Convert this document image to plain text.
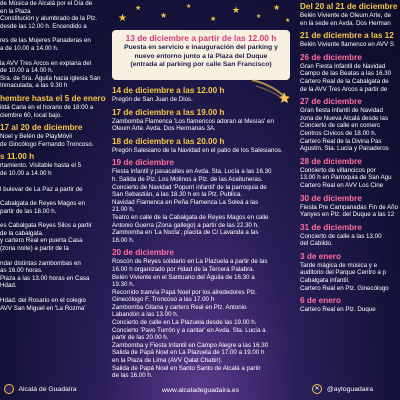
★
★
★
★
★
★
★
★
★
13 de diciembre a partir de las 12.00 h
Puesta en servicio e inauguración del parking y
nuevo entorno junto a la Plaza del Duque
(entrada al parking por calle San Francisco)
de Música de Alcalá por el Día de
en la Plaza
Constitución y alumbrado de la Plz.
desde las 12.00 h. Encendido a
res de las Mujeres Panaderas en
a de 10.00 a 14.00 h.
la AVV Tres Arcos en explana del
de 10.00 a 14.00 h.
Sra. de Sra. Águila hacia iglesia San
Inmaculada, a las 9.30 h
hembre hasta el 5 de enero
ildá Carla en el horario de 18:00 a
ciembre 60, local bajo.
17 al 20 de diciembre
Noel y Belén de PlayMóvil
de Gincólogo Fernando Troncoso.
s 11.00 h
rtamiento. Visitable hasta el 5
de 10.00 a 14.00 h
l bulevar de La Paz a partir de
Cabalgata de Reyes Magos en
partir de las 18.00 h.
es Cabalgata Reyes Silos a partir
de la cabalgata.
y cartero Real en puerta Casa
(zona noite) a partir de la
ndar distintas zambombas en
as 16.00 horas.
Plaza a las 13.00 horas en Casa Hdad.
Hdad. del Rosario en el colegio
AVV San Miguel en 'La Rozma'
14 de diciembre a las 12.00 h
Pregón de San Juan de Dios.
17 de diciembre a las 19.00 h
Zambomba Flamenca 'Los flamencos adoran al Mesías' en
Oleum Arte. Avda. Dos Hermanas 3A.
18 de diciembre a las 20.00 h
Pregón Salesiano de la Navidad en el patio de los Salesianos.
19 de diciembre
Fiesta infantil y pasacalles en Avda. Sta. Lucía a las 16.30
h. Salida de Plz. Los Molinos a Plz. de las Aceituneras.
Concierto de Navidad 'Popurri infantil' de la parroquia de
San Sebastián, a las 18.30 h en la Plz. Publica.
Navidad Flamenca en Peña Flamenca La Soleá a las
21.00 h.
Teatro en calle de la Cabalgata de Reyes Magos en calle
Antonio Guerra (Zona gallego) a partir de las 22.30 h.
Zambomba en 'La Nocla', placita de C/ Lavanda a las
18.00 h.
20 de diciembre
Roscón de Reyes solidario en La Plazuela a partir de las
16.00 h organizado por Hdad de la Tercera Palabra.
Belén Viviente en el Santuario del Águila de 16.30 a
19.30 h.
Recorrido tranvía Papá Noel por los alrededores Plz.
Ginecólogo F. Troncoso a las 17.00 h
Zambomba Gitana y cartero Real en Plz. Antonio
Labandón a las 13.00 h.
Concierto de calle en La Plazuela desde las 19.00 h.
Concierto 'Pavo Turrón y a cantar' en Avda. Sta. Lucía a
partir de las 20.00 h.
Zambomba y Fiesta Infantil en Campo Alegre a las 16.30
Salida de Papá Noel en La Plazuela de 17.00 a 19.00 h
en la Plaza de Lima (AVV Qalat Chabir).
Salida de Papá Noel en Santo Santo de Alcalá a partir
de las 16.00 h.
Del 20 al 21 de diciembre
Belén Viviente de Oleum Arte, de
en la sede en Avda. Dos Herman
21 de diciembre a las 12
Belén Viviente flamenco en AVV S
26 de diciembre
Gran Fiesta Infantil de Navidad
Campo de las Beatas a las 16.30
Cartero Real de la Cabalgata de
de la AVV Tres Arcos a partir de
27 de diciembre
Gran fiesta infantil de Navidad
zona de Nueva Alcalá desde las
Concierto de calle en comerc
Centros Cívicos de 18.00 h.
Cartero Real de la Divina Pas
Agustín, Sta. Lucía y Panaderos
28 de diciembre
Concierto de villancicos por
13.00 h en Parroquia de San Agu
Cartero Real en AVV Los Cine
30 de diciembre
Fiesta Pre Campanadas Fin de Año
Yanyes en Plz. del Duque a las 12
31 de diciembre
Concierto de calle a las 13.00
del Cabildo.
3 de enero
Tarde mágica de música y e
auditorio del Parque Centro a p
Cabalgata infantil.
Cartero Real en Plz. Ginecólogo
6 de enero
Cartero Real en Plz. Duque
Alcalá de Guadaíra	www.alcaladeguadaira.es	✕ @aytoguadaira
